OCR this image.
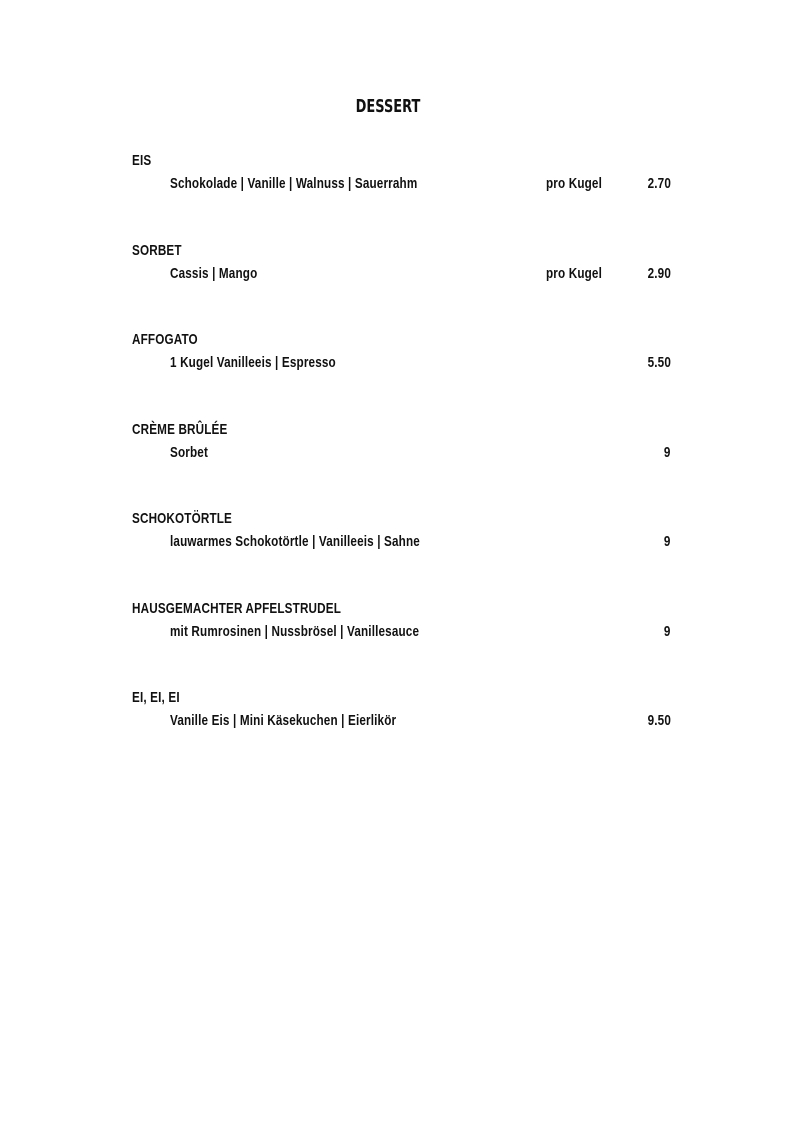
DESSERT
EIS
Schokolade | Vanille | Walnuss | Sauerrahm	pro Kugel	2.70
SORBET
Cassis | Mango	pro Kugel	2.90
AFFOGATO
1 Kugel Vanilleeis | Espresso	5.50
CRÈME BRÛLÉE
Sorbet	9
SCHOKOTÖRTLE
lauwarmes Schokotörtle | Vanilleeis | Sahne	9
HAUSGEMACHTER APFELSTRUDEL
mit Rumrosinen | Nussbrösel | Vanillesauce	9
EI, EI, EI
Vanille Eis | Mini Käsekuchen | Eierlikör	9.50
